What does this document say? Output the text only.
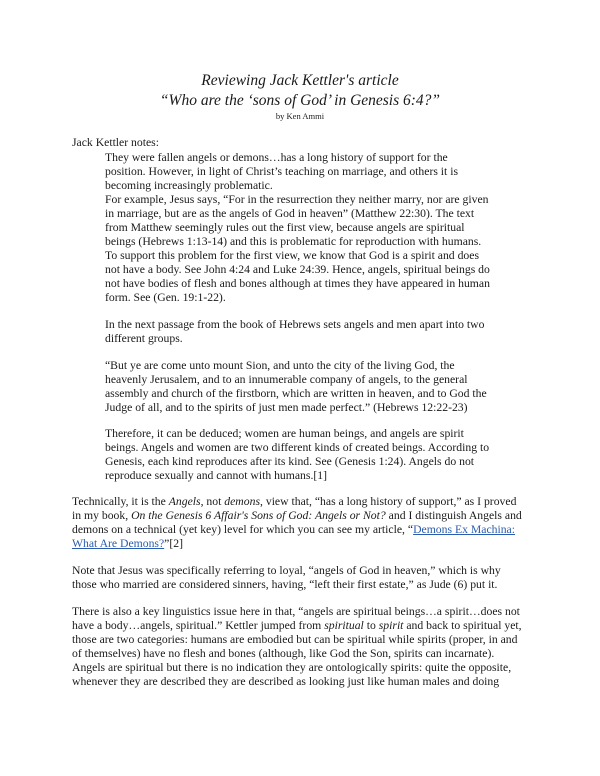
Reviewing Jack Kettler's article
“Who are the ‘sons of God’ in Genesis 6:4?”
by Ken Ammi
Jack Kettler notes:
They were fallen angels or demons…has a long history of support for the
position. However, in light of Christ’s teaching on marriage, and others it is
becoming increasingly problematic.
For example, Jesus says, “For in the resurrection they neither marry, nor are given
in marriage, but are as the angels of God in heaven” (Matthew 22:30). The text
from Matthew seemingly rules out the first view, because angels are spiritual
beings (Hebrews 1:13-14) and this is problematic for reproduction with humans.
To support this problem for the first view, we know that God is a spirit and does
not have a body. See John 4:24 and Luke 24:39. Hence, angels, spiritual beings do
not have bodies of flesh and bones although at times they have appeared in human
form. See (Gen. 19:1-22).
In the next passage from the book of Hebrews sets angels and men apart into two
different groups.
“But ye are come unto mount Sion, and unto the city of the living God, the
heavenly Jerusalem, and to an innumerable company of angels, to the general
assembly and church of the firstborn, which are written in heaven, and to God the
Judge of all, and to the spirits of just men made perfect.” (Hebrews 12:22-23)
Therefore, it can be deduced; women are human beings, and angels are spirit
beings. Angels and women are two different kinds of created beings. According to
Genesis, each kind reproduces after its kind. See (Genesis 1:24). Angels do not
reproduce sexually and cannot with humans.[1]
Technically, it is the Angels, not demons, view that, “has a long history of support,” as I proved
in my book, On the Genesis 6 Affair's Sons of God: Angels or Not? and I distinguish Angels and
demons on a technical (yet key) level for which you can see my article, “Demons Ex Machina:
What Are Demons?”[2]
Note that Jesus was specifically referring to loyal, “angels of God in heaven,” which is why
those who married are considered sinners, having, “left their first estate,” as Jude (6) put it.
There is also a key linguistics issue here in that, “angels are spiritual beings…a spirit…does not
have a body…angels, spiritual.” Kettler jumped from spiritual to spirit and back to spiritual yet,
those are two categories: humans are embodied but can be spiritual while spirits (proper, in and
of themselves) have no flesh and bones (although, like God the Son, spirits can incarnate).
Angels are spiritual but there is no indication they are ontologically spirits: quite the opposite,
whenever they are described they are described as looking just like human males and doing
